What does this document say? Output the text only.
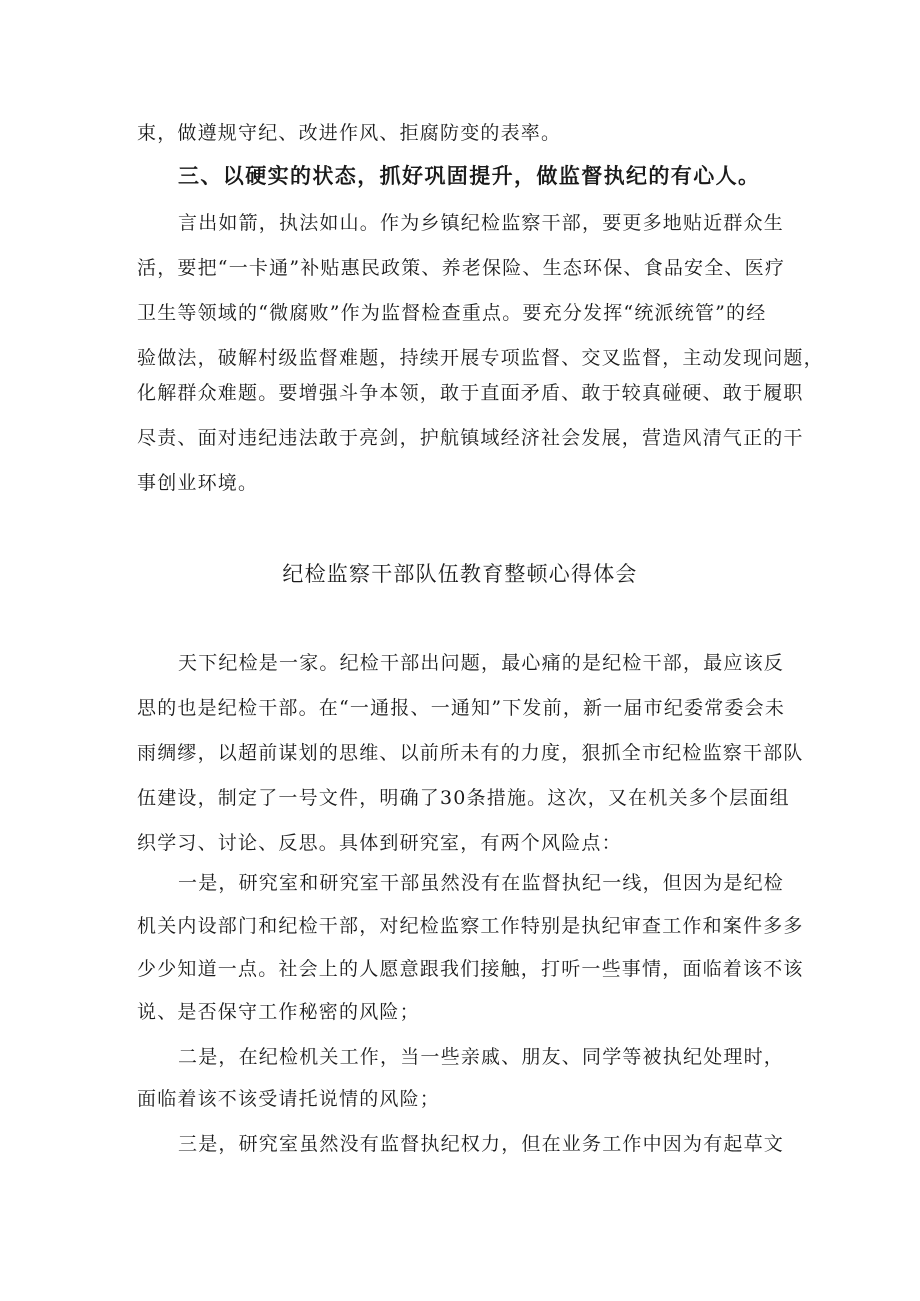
束，做遵规守纪、改进作风、拒腐防变的表率。
三、以硬实的状态，抓好巩固提升，做监督执纪的有心人。
言出如箭，执法如山。作为乡镇纪检监察干部，要更多地贴近群众生
活，要把“一卡通”补贴惠民政策、养老保险、生态环保、食品安全、医疗
卫生等领域的“微腐败”作为监督检查重点。要充分发挥“统派统管”的经
验做法，破解村级监督难题，持续开展专项监督、交叉监督，主动发现问题，
化解群众难题。要增强斗争本领，敢于直面矛盾、敢于较真碰硬、敢于履职
尽责、面对违纪违法敢于亮剑，护航镇域经济社会发展，营造风清气正的干
事创业环境。
纪检监察干部队伍教育整顿心得体会
天下纪检是一家。纪检干部出问题，最心痛的是纪检干部，最应该反
思的也是纪检干部。在“一通报、一通知”下发前，新一届市纪委常委会未
雨绸缪，以超前谋划的思维、以前所未有的力度，狠抓全市纪检监察干部队
伍建设，制定了一号文件，明确了30条措施。这次，又在机关多个层面组
织学习、讨论、反思。具体到研究室，有两个风险点：
一是，研究室和研究室干部虽然没有在监督执纪一线，但因为是纪检
机关内设部门和纪检干部，对纪检监察工作特别是执纪审查工作和案件多多
少少知道一点。社会上的人愿意跟我们接触，打听一些事情，面临着该不该
说、是否保守工作秘密的风险；
二是，在纪检机关工作，当一些亲戚、朋友、同学等被执纪处理时，
面临着该不该受请托说情的风险；
三是，研究室虽然没有监督执纪权力，但在业务工作中因为有起草文
